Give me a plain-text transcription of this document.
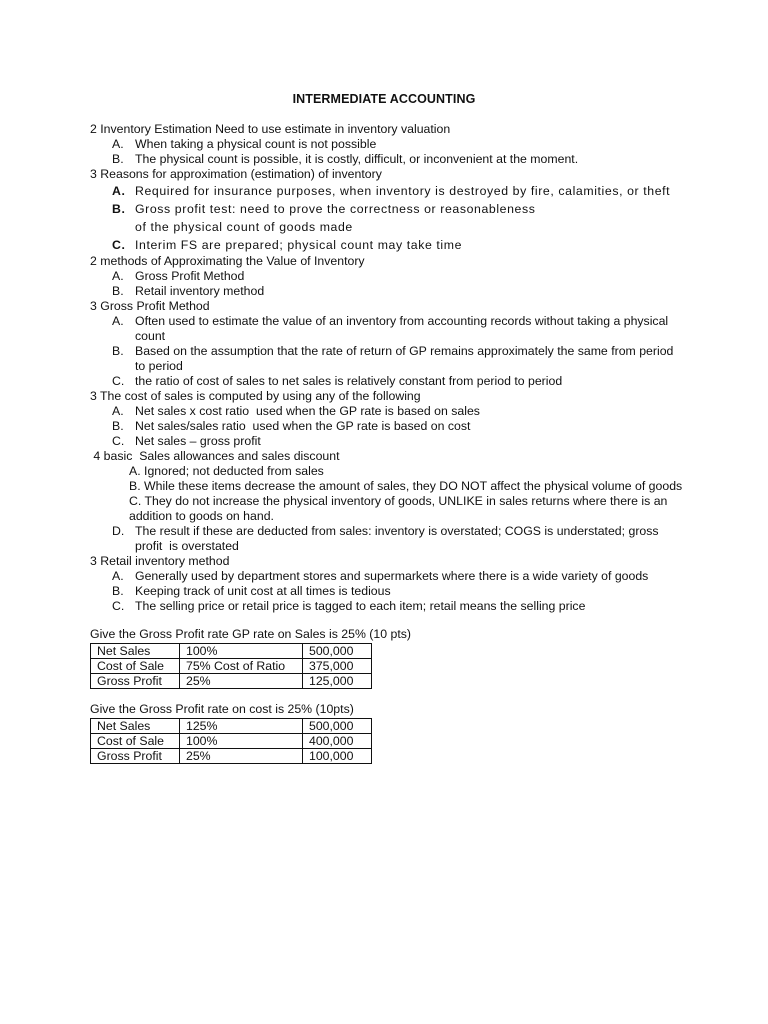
INTERMEDIATE ACCOUNTING
2 Inventory Estimation Need to use estimate in inventory valuation
A. When taking a physical count is not possible
B. The physical count is possible, it is costly, difficult, or inconvenient at the moment.
3 Reasons for approximation (estimation) of inventory
A. Required for insurance purposes, when inventory is destroyed by fire, calamities, or theft
B. Gross profit test: need to prove the correctness or reasonableness
of the physical count of goods made
C. Interim FS are prepared; physical count may take time
2 methods of Approximating the Value of Inventory
A. Gross Profit Method
B. Retail inventory method
3 Gross Profit Method
A. Often used to estimate the value of an inventory from accounting records without taking a physical
count
B. Based on the assumption that the rate of return of GP remains approximately the same from period
to period
C. the ratio of cost of sales to net sales is relatively constant from period to period
3 The cost of sales is computed by using any of the following
A. Net sales x cost ratio  used when the GP rate is based on sales
B. Net sales/sales ratio  used when the GP rate is based on cost
C. Net sales – gross profit
4 basic  Sales allowances and sales discount
A. Ignored; not deducted from sales
B. While these items decrease the amount of sales, they DO NOT affect the physical volume of goods
C. They do not increase the physical inventory of goods, UNLIKE in sales returns where there is an
addition to goods on hand.
D. The result if these are deducted from sales: inventory is overstated; COGS is understated; gross
profit  is overstated
3 Retail inventory method
A. Generally used by department stores and supermarkets where there is a wide variety of goods
B. Keeping track of unit cost at all times is tedious
C. The selling price or retail price is tagged to each item; retail means the selling price
Give the Gross Profit rate GP rate on Sales is 25% (10 pts)
Net Sales	100%	500,000
Cost of Sale	75% Cost of Ratio	375,000
Gross Profit	25%	125,000
Give the Gross Profit rate on cost is 25% (10pts)
Net Sales	125%	500,000
Cost of Sale	100%	400,000
Gross Profit	25%	100,000
